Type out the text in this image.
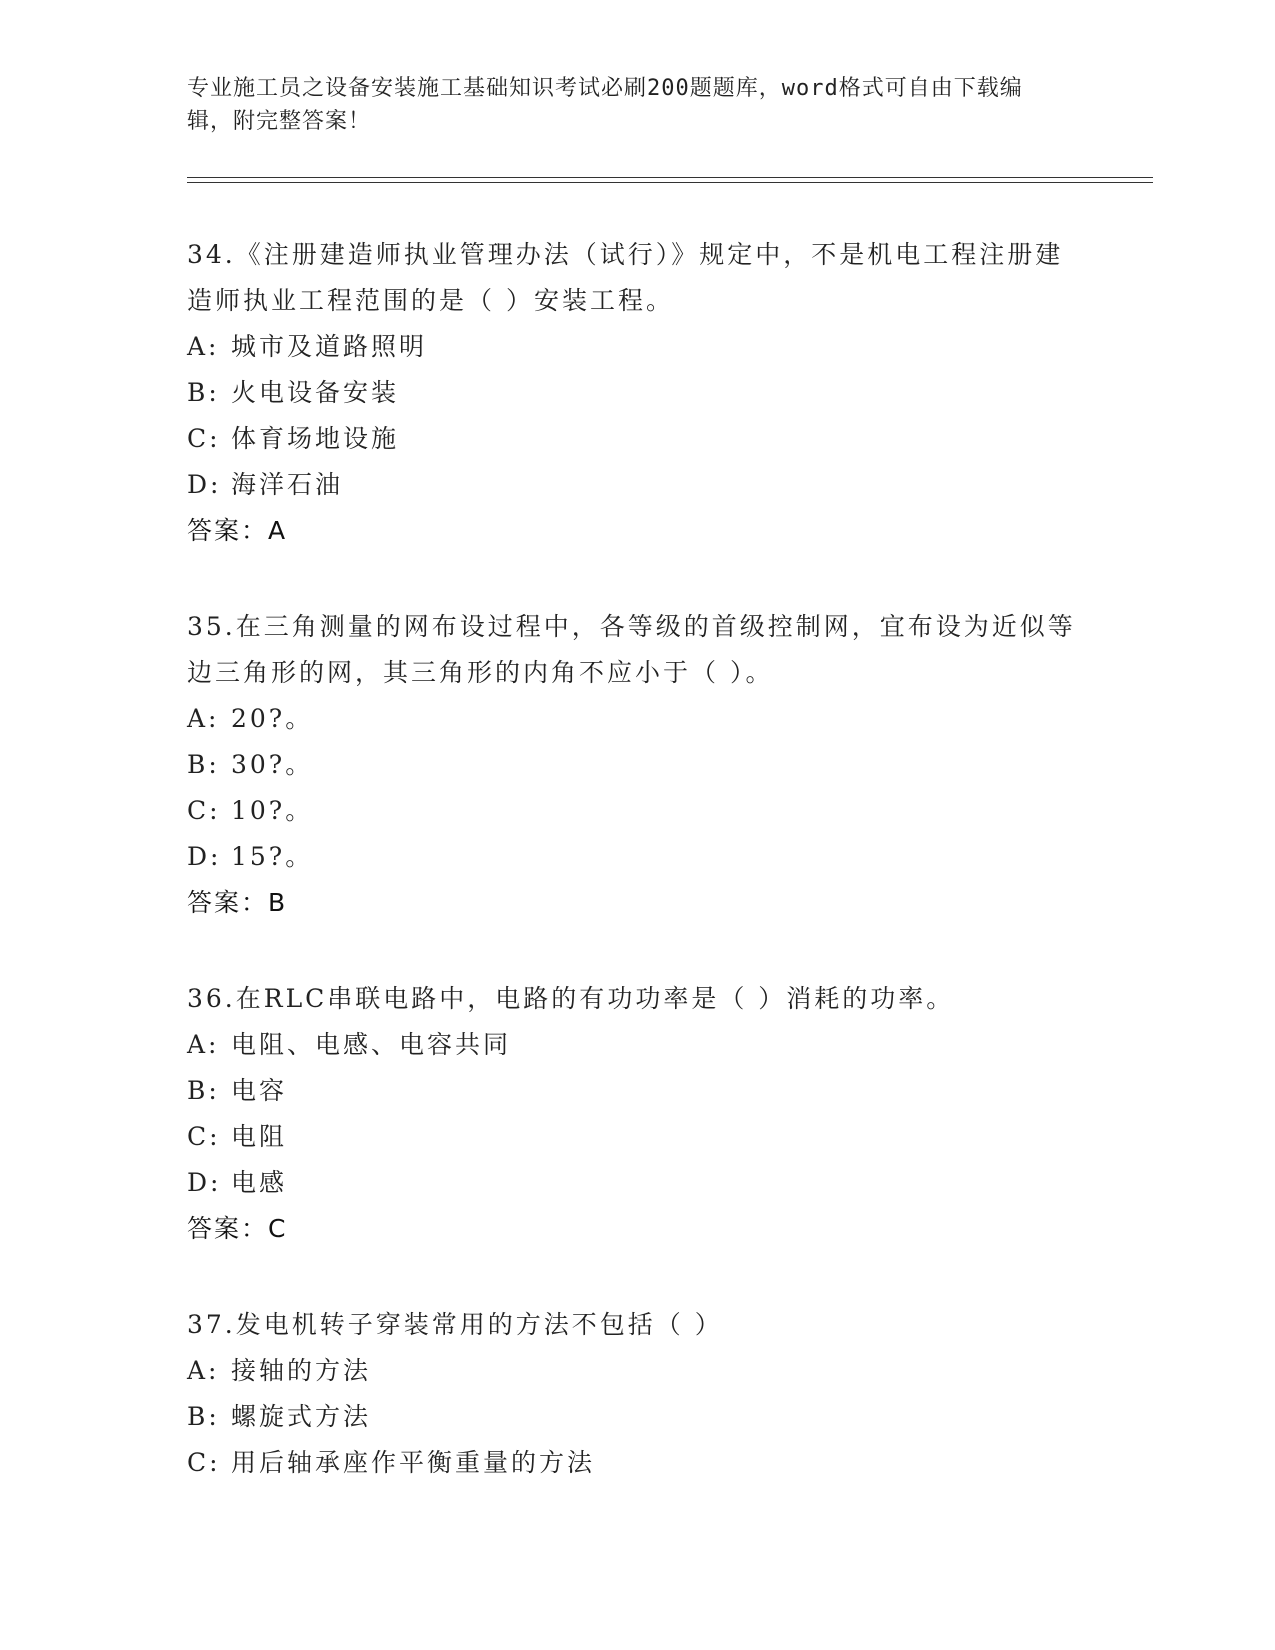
专业施工员之设备安装施工基础知识考试必刷200题题库，word格式可自由下载编辑，附完整答案！

34.《注册建造师执业管理办法（试行）》规定中，不是机电工程注册建造师执业工程范围的是（ ）安装工程。

A: 城市及道路照明

B: 火电设备安装

C: 体育场地设施

D: 海洋石油

答案：A

35.在三角测量的网布设过程中，各等级的首级控制网，宜布设为近似等边三角形的网，其三角形的内角不应小于（ ）。

A: 20?。

B: 30?。

C: 10?。

D: 15?。

答案：B

36.在RLC串联电路中，电路的有功功率是（ ）消耗的功率。

A: 电阻、电感、电容共同

B: 电容

C: 电阻

D: 电感

答案：C

37.发电机转子穿装常用的方法不包括（ ）

A: 接轴的方法

B: 螺旋式方法

C: 用后轴承座作平衡重量的方法
